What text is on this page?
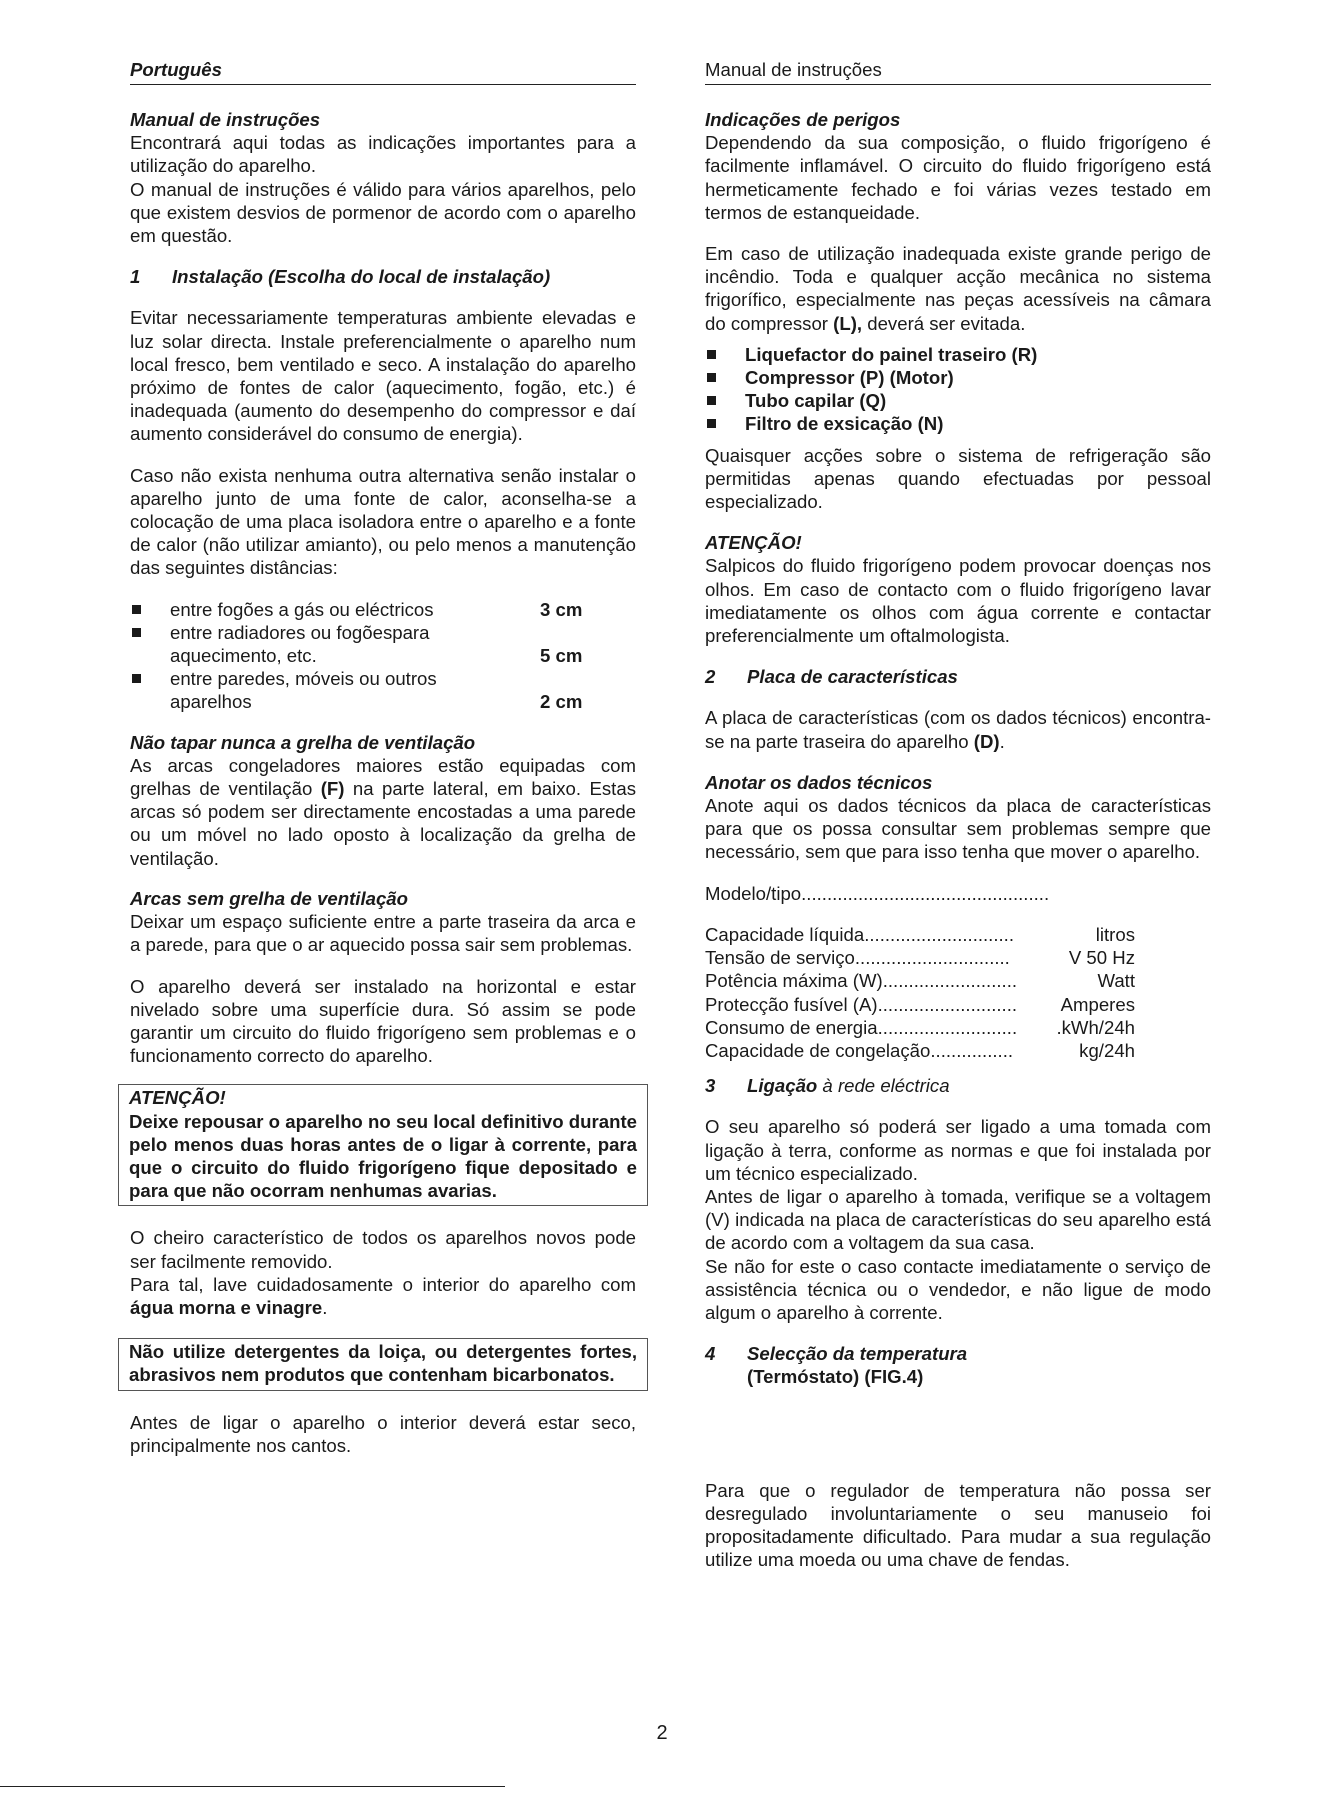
Português
Manual de instruções

Encontrará aqui todas as indicações importantes para a utilização do aparelho.

O manual de instruções é válido para vários aparelhos, pelo que existem desvios de pormenor de acordo com o aparelho em questão.

1	Instalação (Escolha do local de instalação)

Evitar necessariamente temperaturas ambiente elevadas e luz solar directa. Instale preferencialmente o aparelho num local fresco, bem ventilado e seco. A instalação do aparelho próximo de fontes de calor (aquecimento, fogão, etc.) é inadequada (aumento do desempenho do compressor e daí aumento considerável do consumo de energia).

Caso não exista nenhuma outra alternativa senão instalar o aparelho junto de uma fonte de calor, aconselha-se a colocação de uma placa isoladora entre o aparelho e a fonte de calor (não utilizar amianto), ou pelo menos a manutenção das seguintes distâncias:

entre fogões a gás ou eléctricos	3 cm
entre radiadores ou fogõespara aquecimento, etc.	5 cm
entre paredes, móveis ou outros aparelhos	2 cm
Não tapar nunca a grelha de ventilação

As arcas congeladores maiores estão equipadas com grelhas de ventilação (F) na parte lateral, em baixo. Estas arcas só podem ser directamente encostadas a uma parede ou um móvel no lado oposto à localização da grelha de ventilação.

Arcas sem grelha de ventilação

Deixar um espaço suficiente entre a parte traseira da arca e a parede, para que o ar aquecido possa sair sem problemas.

O aparelho deverá ser instalado na horizontal e estar nivelado sobre uma superfície dura. Só assim se pode garantir um circuito do fluido frigorígeno sem problemas e o funcionamento correcto do aparelho.

ATENÇÃO!

Deixe repousar o aparelho no seu local definitivo durante pelo menos duas horas antes de o ligar à corrente, para que o circuito do fluido frigorígeno fique depositado e para que não ocorram nenhumas avarias.

O cheiro característico de todos os aparelhos novos pode ser facilmente removido.

Para tal, lave cuidadosamente o interior do aparelho com água morna e vinagre.

Não utilize detergentes da loiça, ou detergentes fortes, abrasivos nem produtos que contenham bicarbonatos.

Antes de ligar o aparelho o interior deverá estar seco, principalmente nos cantos.

Manual de instruções
Indicações de perigos

Dependendo da sua composição, o fluido frigorígeno é facilmente inflamável. O circuito do fluido frigorígeno está hermeticamente fechado e foi várias vezes testado em termos de estanqueidade.

Em caso de utilização inadequada existe grande perigo de incêndio. Toda e qualquer acção mecânica no sistema frigorífico, especialmente nas peças acessíveis na câmara do compressor (L), deverá ser evitada.

Liquefactor do painel traseiro (R)
Compressor (P) (Motor)
Tubo capilar (Q)
Filtro de exsicação (N)

Quaisquer acções sobre o sistema de refrigeração são permitidas apenas quando efectuadas por pessoal especializado.

ATENÇÃO!

Salpicos do fluido frigorígeno podem provocar doenças nos olhos. Em caso de contacto com o fluido frigorígeno lavar imediatamente os olhos com água corrente e contactar preferencialmente um oftalmologista.

2	Placa de características

A placa de características (com os dados técnicos) encontra-se na parte traseira do aparelho (D).

Anotar os dados técnicos

Anote aqui os dados técnicos da placa de características para que os possa consultar sem problemas sempre que necessário, sem que para isso tenha que mover o aparelho.

Modelo/tipo................................................
Capacidade líquida .............................	litros
Tensão de serviço ..............................	V 50 Hz
Potência máxima (W) ..........................	Watt
Protecção fusível (A) ...........................	Amperes
Consumo de energia ...........................	.kWh/24h
Capacidade de congelação ................	kg/24h
3	Ligação à rede eléctrica

O seu aparelho só poderá ser ligado a uma tomada com ligação à terra, conforme as normas e que foi instalada por um técnico especializado.

Antes de ligar o aparelho à tomada, verifique se a voltagem (V) indicada na placa de características do seu aparelho está de acordo com a voltagem da sua casa.

Se não for este o caso contacte imediatamente o serviço de assistência técnica ou o vendedor, e não ligue de modo algum o aparelho à corrente.

4	Selecção da temperatura
(Termóstato) (FIG.4)

Para que o regulador de temperatura não possa ser desregulado involuntariamente o seu manuseio foi propositadamente dificultado. Para mudar a sua regulação utilize uma moeda ou uma chave de fendas.

2
